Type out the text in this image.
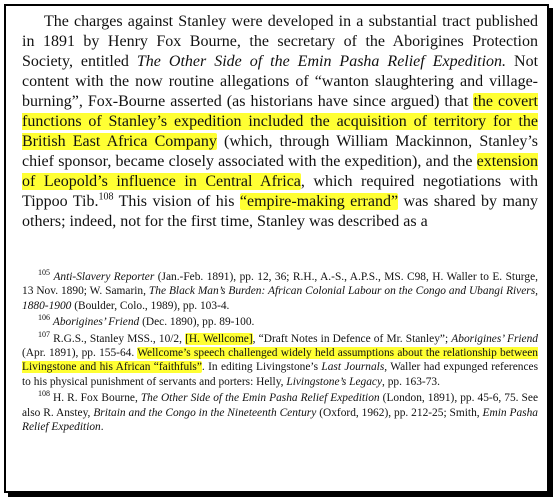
The charges against Stanley were developed in a substantial tract published in 1891 by Henry Fox Bourne, the secretary of the Aborigines Protection Society, entitled The Other Side of the Emin Pasha Relief Expedition. Not content with the now routine allegations of “wanton slaughtering and village-burning”, Fox-Bourne asserted (as historians have since argued) that the covert functions of Stanley’s expedition included the acquisition of territory for the British East Africa Company (which, through William Mackinnon, Stanley’s chief sponsor, became closely associated with the expedition), and the extension of Leopold’s influence in Central Africa, which required negotiations with Tippoo Tib.$^{108}$ This vision of his “empire-making errand” was shared by many others; indeed, not for the first time, Stanley was described as a

$^{105}$ Anti-Slavery Reporter (Jan.-Feb. 1891), pp. 12, 36; R.H., A.-S., A.P.S., MS. C98, H. Waller to E. Sturge, 13 Nov. 1890; W. Samarin, The Black Man’s Burden: African Colonial Labour on the Congo and Ubangi Rivers, 1880-1900 (Boulder, Colo., 1989), pp. 103-4.

$^{106}$ Aborigines’ Friend (Dec. 1890), pp. 89-100.

$^{107}$ R.G.S., Stanley MSS., 10/2, [H. Wellcome], “Draft Notes in Defence of Mr. Stanley”; Aborigines’ Friend (Apr. 1891), pp. 155-64. Wellcome’s speech challenged widely held assumptions about the relationship between Livingstone and his African “faithfuls”. In editing Livingstone’s Last Journals, Waller had expunged references to his physical punishment of servants and porters: Helly, Livingstone’s Legacy, pp. 163-73.

$^{108}$ H. R. Fox Bourne, The Other Side of the Emin Pasha Relief Expedition (London, 1891), pp. 45-6, 75. See also R. Anstey, Britain and the Congo in the Nineteenth Century (Oxford, 1962), pp. 212-25; Smith, Emin Pasha Relief Expedition.
